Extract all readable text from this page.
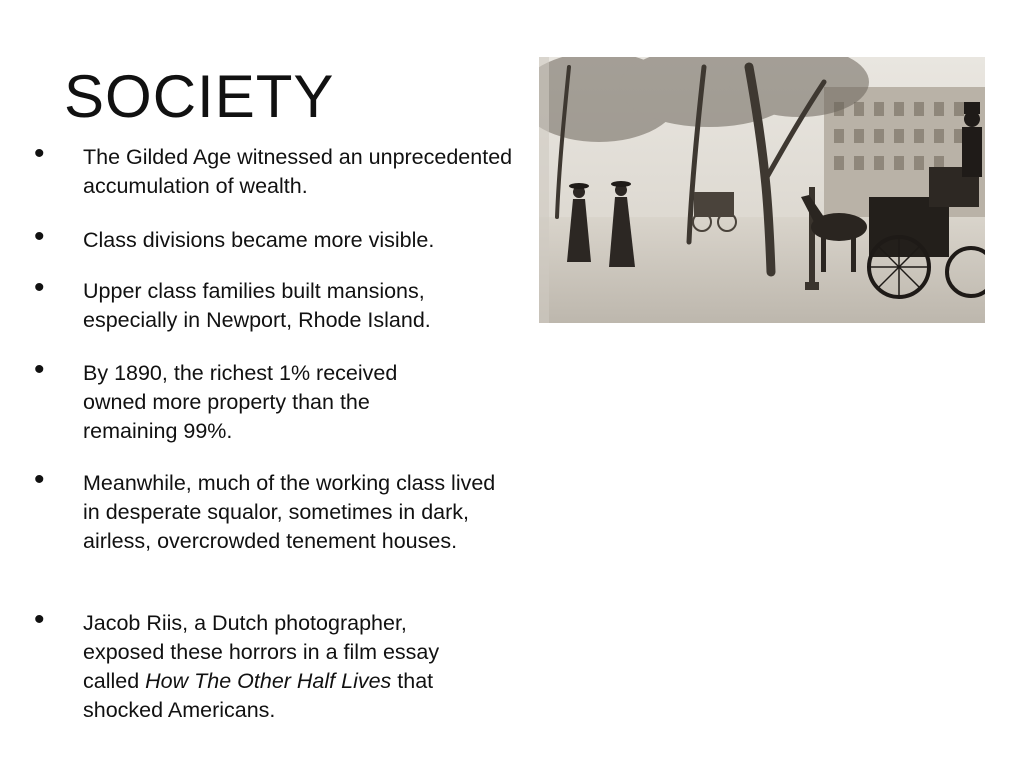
SOCIETY
• The Gilded Age witnessed an unprecedented accumulation of wealth.
• Class divisions became more visible.
• Upper class families built mansions, especially in Newport, Rhode Island.
• By 1890, the richest 1% received owned more property than the remaining 99%.
• Meanwhile, much of the working class lived in desperate squalor, sometimes in dark, airless, overcrowded tenement houses.
• Jacob Riis, a Dutch photographer, exposed these horrors in a film essay called How The Other Half Lives that shocked Americans.
